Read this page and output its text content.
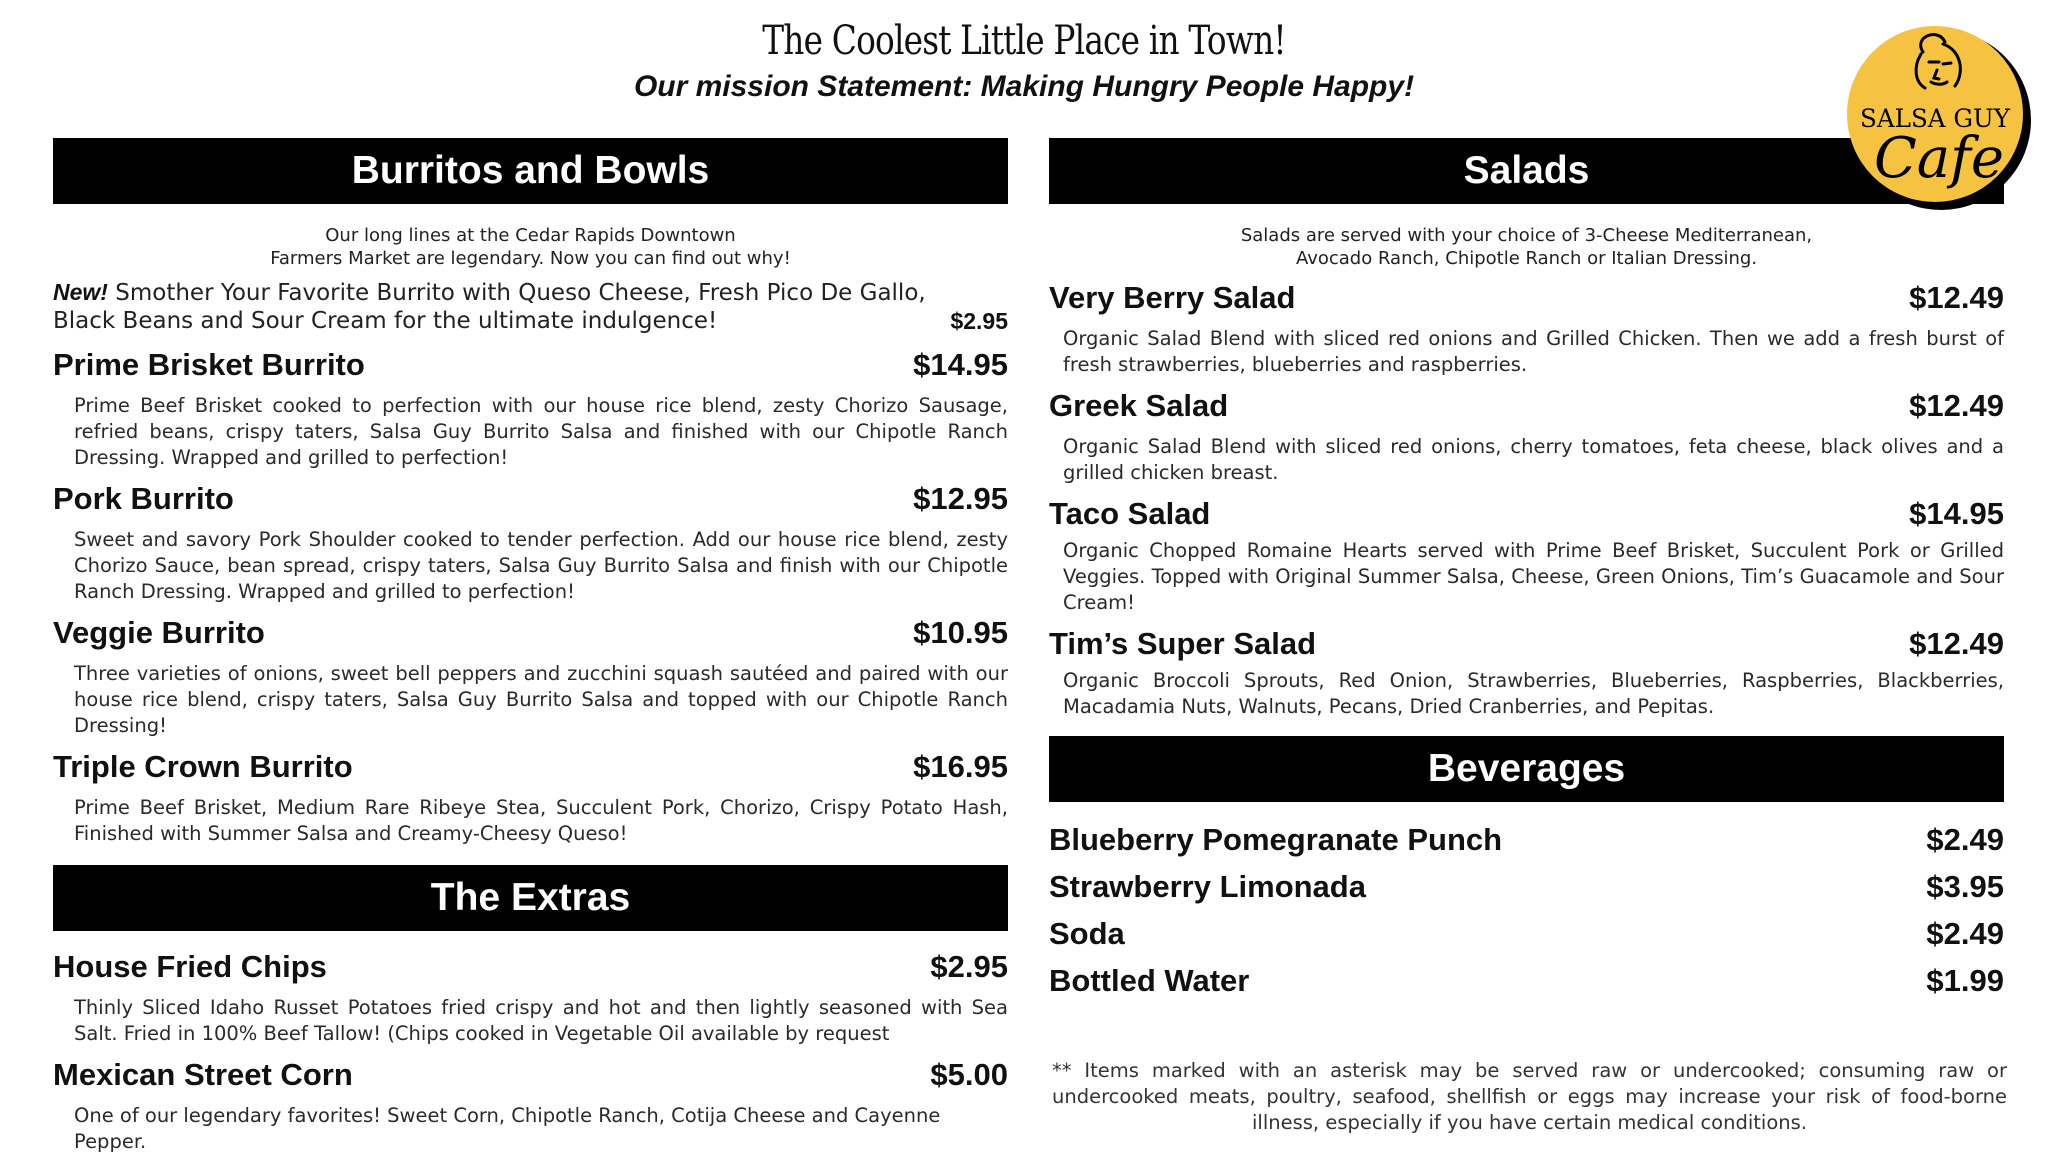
The Coolest Little Place in Town!
Our mission Statement: Making Hungry People Happy!
Burritos and Bowls
Our long lines at the Cedar Rapids Downtown
Farmers Market are legendary. Now you can find out why!
New! Smother Your Favorite Burrito with Queso Cheese, Fresh Pico De Gallo, Black Beans and Sour Cream for the ultimate indulgence!	$2.95
Prime Brisket Burrito	$14.95
Prime Beef Brisket cooked to perfection with our house rice blend, zesty Chorizo Sausage, refried beans, crispy taters, Salsa Guy Burrito Salsa and finished with our Chipotle Ranch Dressing. Wrapped and grilled to perfection!
Pork Burrito	$12.95
Sweet and savory Pork Shoulder cooked to tender perfection. Add our house rice blend, zesty Chorizo Sauce, bean spread, crispy taters, Salsa Guy Burrito Salsa and finish with our Chipotle Ranch Dressing. Wrapped and grilled to perfection!
Veggie Burrito	$10.95
Three varieties of onions, sweet bell peppers and zucchini squash sautéed and paired with our house rice blend, crispy taters, Salsa Guy Burrito Salsa and topped with our Chipotle Ranch Dressing!
Triple Crown Burrito	$16.95
Prime Beef Brisket, Medium Rare Ribeye Stea, Succulent Pork, Chorizo, Crispy Potato Hash, Finished with Summer Salsa and Creamy-Cheesy Queso!
The Extras
House Fried Chips	$2.95
Thinly Sliced Idaho Russet Potatoes fried crispy and hot and then lightly seasoned with Sea Salt. Fried in 100% Beef Tallow! (Chips cooked in Vegetable Oil available by request
Mexican Street Corn	$5.00
One of our legendary favorites! Sweet Corn, Chipotle Ranch, Cotija Cheese and Cayenne Pepper.
Salads
Salads are served with your choice of 3-Cheese Mediterranean,
Avocado Ranch, Chipotle Ranch or Italian Dressing.
Very Berry Salad	$12.49
Organic Salad Blend with sliced red onions and Grilled Chicken. Then we add a fresh burst of fresh strawberries, blueberries and raspberries.
Greek Salad	$12.49
Organic Salad Blend with sliced red onions, cherry tomatoes, feta cheese, black olives and a grilled chicken breast.
Taco Salad	$14.95
Organic Chopped Romaine Hearts served with Prime Beef Brisket, Succulent Pork or Grilled Veggies. Topped with Original Summer Salsa, Cheese, Green Onions, Tim’s Guacamole and Sour Cream!
Tim’s Super Salad	$12.49
Organic Broccoli Sprouts, Red Onion, Strawberries, Blueberries, Raspberries, Blackberries, Macadamia Nuts, Walnuts, Pecans, Dried Cranberries, and Pepitas.
Beverages
Blueberry Pomegranate Punch	$2.49
Strawberry Limonada	$3.95
Soda	$2.49
Bottled Water	$1.99
** Items marked with an asterisk may be served raw or undercooked; consuming raw or undercooked meats, poultry, seafood, shellfish or eggs may increase your risk of food-borne illness, especially if you have certain medical conditions.
SALSA GUY
Cafe
